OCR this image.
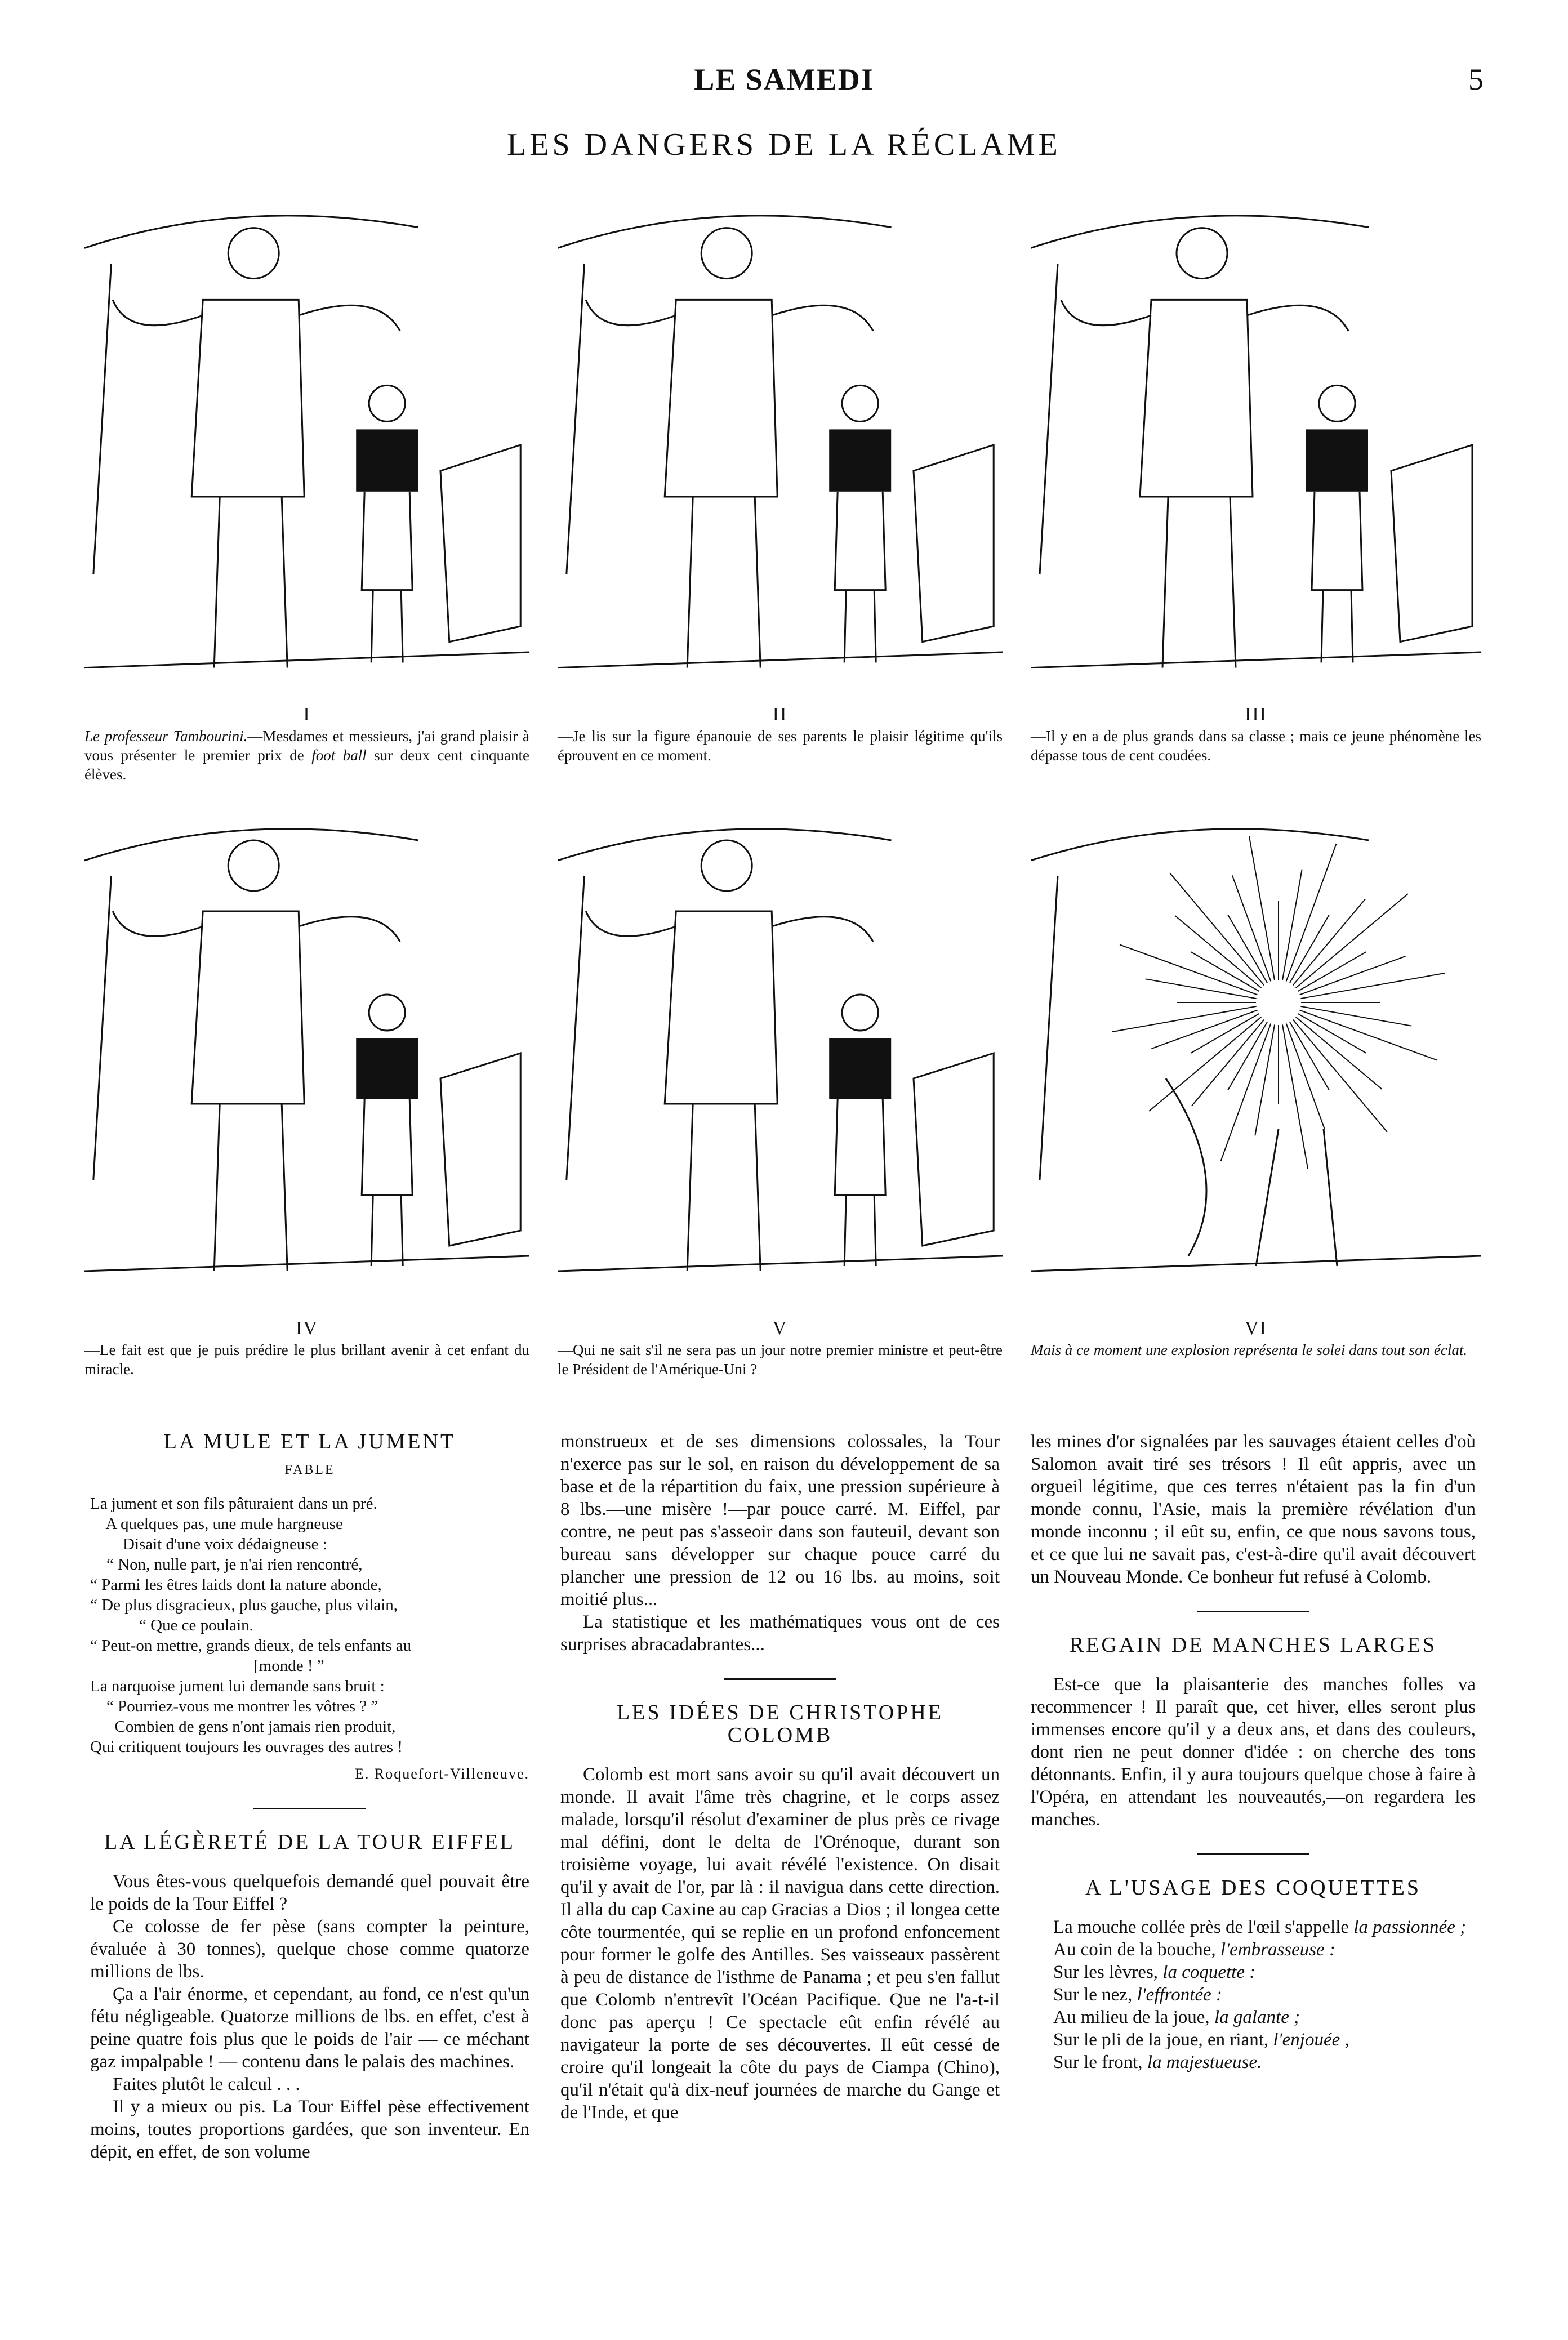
LE SAMEDI	5
LES DANGERS DE LA RÉCLAME
I
Le professeur Tambourini.—Mesdames et messieurs, j'ai grand plaisir à vous présenter le premier prix de foot ball sur deux cent cinquante élèves.
II
—Je lis sur la figure épanouie de ses parents le plaisir légitime qu'ils éprouvent en ce moment.
III
—Il y en a de plus grands dans sa classe ; mais ce jeune phénomène les dépasse tous de cent coudées.
IV
—Le fait est que je puis prédire le plus brillant avenir à cet enfant du miracle.
V
—Qui ne sait s'il ne sera pas un jour notre premier ministre et peut-être le Président de l'Amérique-Uni ?
VI
Mais à ce moment une explosion représenta le solei dans tout son éclat.
LA MULE ET LA JUMENT
FABLE
La jument et son fils pâturaient dans un pré.
A quelques pas, une mule hargneuse
Disait d'une voix dédaigneuse :
“ Non, nulle part, je n'ai rien rencontré,
“ Parmi les êtres laids dont la nature abonde,
“ De plus disgracieux, plus gauche, plus vilain,
“ Que ce poulain.
“ Peut-on mettre, grands dieux, de tels enfants au
[monde ! ”
La narquoise jument lui demande sans bruit :
“ Pourriez-vous me montrer les vôtres ? ”
Combien de gens n'ont jamais rien produit,
Qui critiquent toujours les ouvrages des autres !
E. Roquefort-Villeneuve.
LA LÉGÈRETÉ DE LA TOUR EIFFEL

Vous êtes-vous quelquefois demandé quel pouvait être le poids de la Tour Eiffel ?

Ce colosse de fer pèse (sans compter la peinture, évaluée à 30 tonnes), quelque chose comme quatorze millions de lbs.

Ça a l'air énorme, et cependant, au fond, ce n'est qu'un fétu négligeable. Quatorze millions de lbs. en effet, c'est à peine quatre fois plus que le poids de l'air — ce méchant gaz impalpable ! — contenu dans le palais des machines.

Faites plutôt le calcul . . .

Il y a mieux ou pis. La Tour Eiffel pèse effectivement moins, toutes proportions gardées, que son inventeur. En dépit, en effet, de son volume

monstrueux et de ses dimensions colossales, la Tour n'exerce pas sur le sol, en raison du développement de sa base et de la répartition du faix, une pression supérieure à 8 lbs.—une misère !—par pouce carré. M. Eiffel, par contre, ne peut pas s'asseoir dans son fauteuil, devant son bureau sans développer sur chaque pouce carré du plancher une pression de 12 ou 16 lbs. au moins, soit moitié plus...

La statistique et les mathématiques vous ont de ces surprises abracadabrantes...

LES IDÉES DE CHRISTOPHE COLOMB

Colomb est mort sans avoir su qu'il avait découvert un monde. Il avait l'âme très chagrine, et le corps assez malade, lorsqu'il résolut d'examiner de plus près ce rivage mal défini, dont le delta de l'Orénoque, durant son troisième voyage, lui avait révélé l'existence. On disait qu'il y avait de l'or, par là : il navigua dans cette direction. Il alla du cap Caxine au cap Gracias a Dios ; il longea cette côte tourmentée, qui se replie en un profond enfoncement pour former le golfe des Antilles. Ses vaisseaux passèrent à peu de distance de l'isthme de Panama ; et peu s'en fallut que Colomb n'entrevît l'Océan Pacifique. Que ne l'a-t-il donc pas aperçu ! Ce spectacle eût enfin révélé au navigateur la porte de ses découvertes. Il eût cessé de croire qu'il longeait la côte du pays de Ciampa (Chino), qu'il n'était qu'à dix-neuf journées de marche du Gange et de l'Inde, et que

les mines d'or signalées par les sauvages étaient celles d'où Salomon avait tiré ses trésors ! Il eût appris, avec un orgueil légitime, que ces terres n'étaient pas la fin d'un monde connu, l'Asie, mais la première révélation d'un monde inconnu ; il eût su, enfin, ce que nous savons tous, et ce que lui ne savait pas, c'est-à-dire qu'il avait découvert un Nouveau Monde. Ce bonheur fut refusé à Colomb.

REGAIN DE MANCHES LARGES

Est-ce que la plaisanterie des manches folles va recommencer ! Il paraît que, cet hiver, elles seront plus immenses encore qu'il y a deux ans, et dans des couleurs, dont rien ne peut donner d'idée : on cherche des tons détonnants. Enfin, il y aura toujours quelque chose à faire à l'Opéra, en attendant les nouveautés,—on regardera les manches.

A L'USAGE DES COQUETTES

La mouche collée près de l'œil s'appelle la passionnée ;

Au coin de la bouche, l'embrasseuse :
Sur les lèvres, la coquette :
Sur le nez, l'effrontée :
Au milieu de la joue, la galante ;
Sur le pli de la joue, en riant, l'enjouée ,
Sur le front, la majestueuse.
